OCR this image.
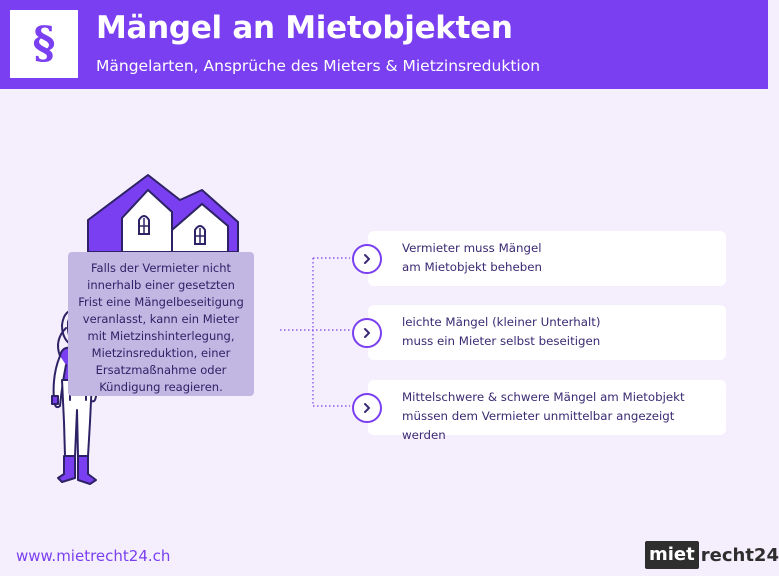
§ Mängel an Mietobjekten
Mängelarten, Ansprüche des Mieters & Mietzinsreduktion
Falls der Vermieter nicht
innerhalb einer gesetzten
Frist eine Mängelbeseitigung
veranlasst, kann ein Mieter
mit Mietzinshinterlegung,
Mietzinsreduktion, einer
Ersatzmaßnahme oder
Kündigung reagieren.
Vermieter muss Mängel
am Mietobjekt beheben
leichte Mängel (kleiner Unterhalt)
muss ein Mieter selbst beseitigen
Mittelschwere & schwere Mängel am Mietobjekt
müssen dem Vermieter unmittelbar angezeigt werden
www.mietrecht24.ch	miet recht24
